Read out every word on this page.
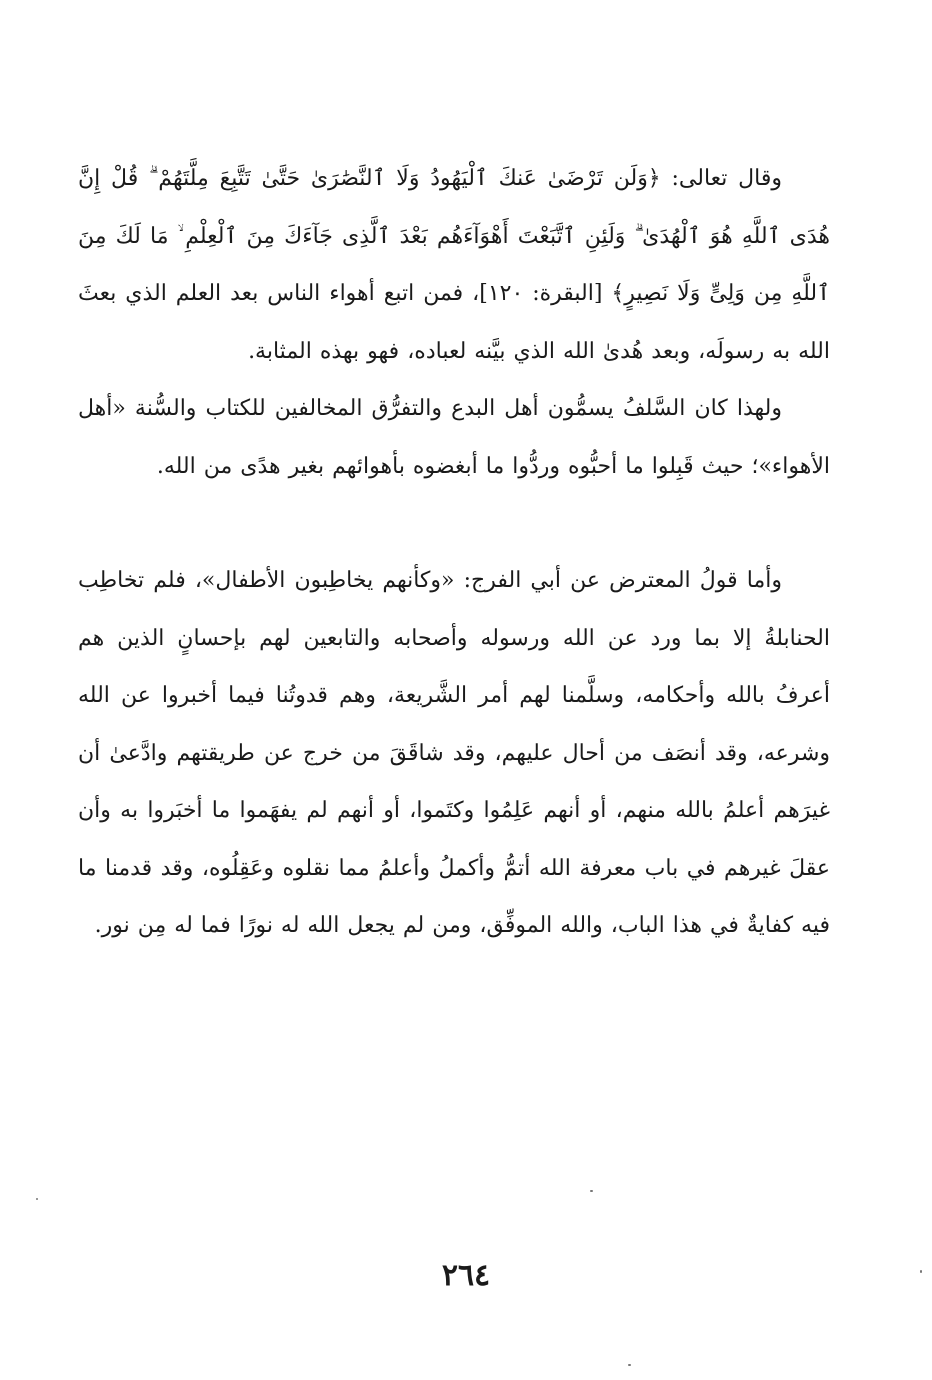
وقال تعالى: ﴿وَلَن تَرْضَىٰ عَنكَ ٱلْيَهُودُ وَلَا ٱلنَّصَٰرَىٰ حَتَّىٰ تَتَّبِعَ مِلَّتَهُمْ ۗ قُلْ إِنَّ هُدَى ٱللَّهِ هُوَ ٱلْهُدَىٰ ۗ وَلَئِنِ ٱتَّبَعْتَ أَهْوَآءَهُم بَعْدَ ٱلَّذِى جَآءَكَ مِنَ ٱلْعِلْمِ ۙ مَا لَكَ مِنَ ٱللَّهِ مِن وَلِىٍّ وَلَا نَصِيرٍ﴾ [البقرة: ١٢٠]، فمن اتبع أهواء الناس بعد العلم الذي بعثَ الله به رسولَه، وبعد هُدىٰ الله الذي بيَّنه لعباده، فهو بهذه المثابة.

ولهذا كان السَّلفُ يسمُّون أهل البدع والتفرُّق المخالفين للكتاب والسُّنة «أهل الأهواء»؛ حيث قَبِلوا ما أحبُّوه وردُّوا ما أبغضوه بأهوائهم بغير هدًى من الله.

وأما قولُ المعترض عن أبي الفرج: «وكأنهم يخاطِبون الأطفال»، فلم تخاطِب الحنابلةُ إلا بما ورد عن الله ورسوله وأصحابه والتابعين لهم بإحسانٍ الذين هم أعرفُ بالله وأحكامه، وسلَّمنا لهم أمر الشَّريعة، وهم قدوتُنا فيما أخبروا عن الله وشرعه، وقد أنصَف من أحال عليهم، وقد شاقَقَ من خرج عن طريقتهم وادَّعىٰ أن غيرَهم أعلمُ بالله منهم، أو أنهم عَلِمُوا وكتَموا، أو أنهم لم يفهَموا ما أخبَروا به وأن عقلَ غيرهم في باب معرفة الله أتمُّ وأكملُ وأعلمُ مما نقلوه وعَقِلُوه، وقد قدمنا ما فيه كفايةٌ في هذا الباب، والله الموفِّق، ومن لم يجعل الله له نورًا فما له مِن نور.

٢٦٤
